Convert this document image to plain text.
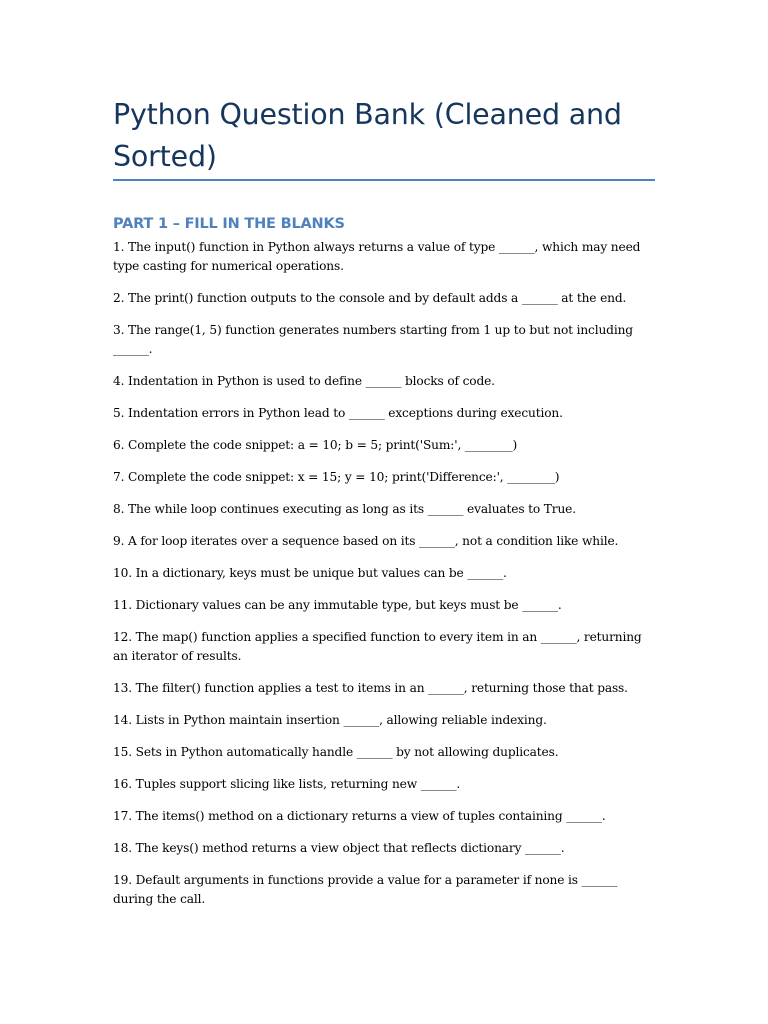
Python Question Bank (Cleaned and Sorted)
PART 1 – FILL IN THE BLANKS
1. The input() function in Python always returns a value of type ______, which may need type casting for numerical operations.
2. The print() function outputs to the console and by default adds a ______ at the end.
3. The range(1, 5) function generates numbers starting from 1 up to but not including ______.
4. Indentation in Python is used to define ______ blocks of code.
5. Indentation errors in Python lead to ______ exceptions during execution.
6. Complete the code snippet: a = 10; b = 5; print('Sum:', ________)
7. Complete the code snippet: x = 15; y = 10; print('Difference:', ________)
8. The while loop continues executing as long as its ______ evaluates to True.
9. A for loop iterates over a sequence based on its ______, not a condition like while.
10. In a dictionary, keys must be unique but values can be ______.
11. Dictionary values can be any immutable type, but keys must be ______.
12. The map() function applies a specified function to every item in an ______, returning an iterator of results.
13. The filter() function applies a test to items in an ______, returning those that pass.
14. Lists in Python maintain insertion ______, allowing reliable indexing.
15. Sets in Python automatically handle ______ by not allowing duplicates.
16. Tuples support slicing like lists, returning new ______.
17. The items() method on a dictionary returns a view of tuples containing ______.
18. The keys() method returns a view object that reflects dictionary ______.
19. Default arguments in functions provide a value for a parameter if none is ______ during the call.
